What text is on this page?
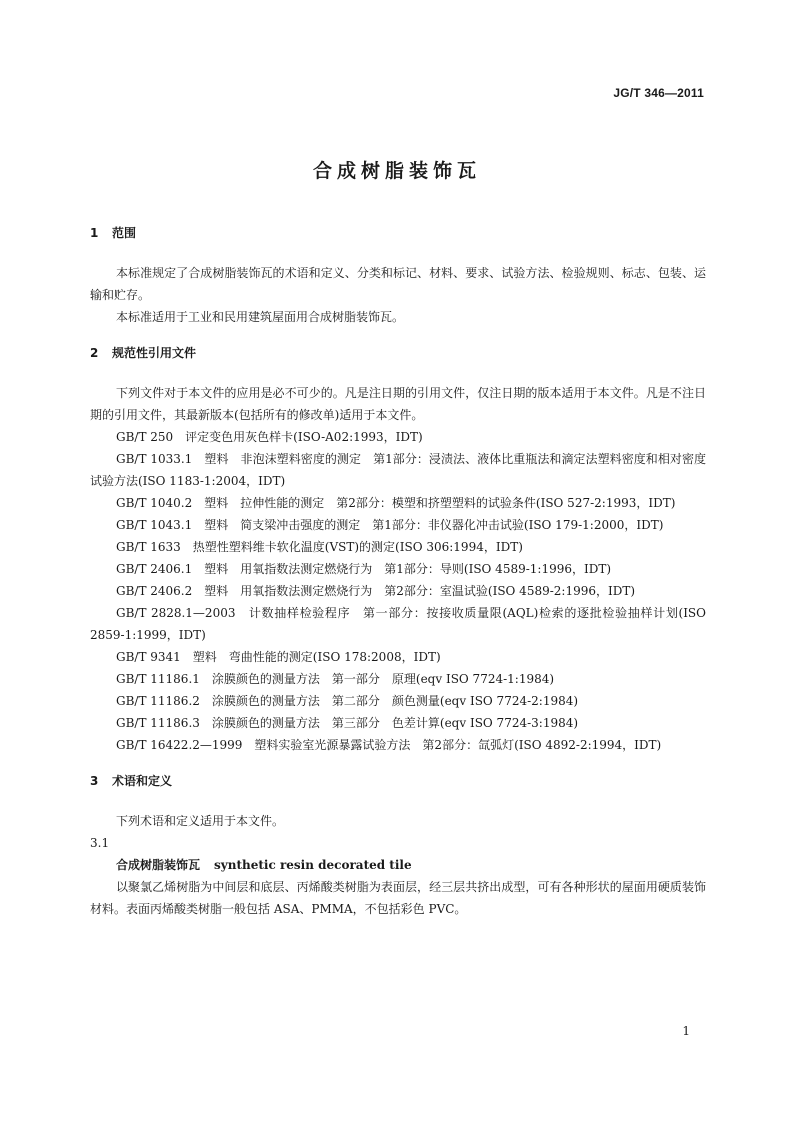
JG/T 346—2011
合成树脂装饰瓦
1 范围

本标准规定了合成树脂装饰瓦的术语和定义、分类和标记、材料、要求、试验方法、检验规则、标志、包装、运输和贮存。

本标准适用于工业和民用建筑屋面用合成树脂装饰瓦。

2 规范性引用文件

下列文件对于本文件的应用是必不可少的。凡是注日期的引用文件，仅注日期的版本适用于本文件。凡是不注日期的引用文件，其最新版本(包括所有的修改单)适用于本文件。

GB/T 250　评定变色用灰色样卡(ISO-A02:1993，IDT)

GB/T 1033.1　塑料　非泡沫塑料密度的测定　第1部分：浸渍法、液体比重瓶法和滴定法塑料密度和相对密度试验方法(ISO 1183-1:2004，IDT)

GB/T 1040.2　塑料　拉伸性能的测定　第2部分：模塑和挤塑塑料的试验条件(ISO 527-2:1993，IDT)

GB/T 1043.1　塑料　简支梁冲击强度的测定　第1部分：非仪器化冲击试验(ISO 179-1:2000，IDT)

GB/T 1633　热塑性塑料维卡软化温度(VST)的测定(ISO 306:1994，IDT)

GB/T 2406.1　塑料　用氧指数法测定燃烧行为　第1部分：导则(ISO 4589-1:1996，IDT)

GB/T 2406.2　塑料　用氧指数法测定燃烧行为　第2部分：室温试验(ISO 4589-2:1996，IDT)

GB/T 2828.1—2003　计数抽样检验程序　第一部分：按接收质量限(AQL)检索的逐批检验抽样计划(ISO 2859-1:1999，IDT)

GB/T 9341　塑料　弯曲性能的测定(ISO 178:2008，IDT)

GB/T 11186.1　涂膜颜色的测量方法　第一部分　原理(eqv ISO 7724-1:1984)

GB/T 11186.2　涂膜颜色的测量方法　第二部分　颜色测量(eqv ISO 7724-2:1984)

GB/T 11186.3　涂膜颜色的测量方法　第三部分　色差计算(eqv ISO 7724-3:1984)

GB/T 16422.2—1999　塑料实验室光源暴露试验方法　第2部分：氙弧灯(ISO 4892-2:1994，IDT)

3 术语和定义

下列术语和定义适用于本文件。

3.1

合成树脂装饰瓦 synthetic resin decorated tile

以聚氯乙烯树脂为中间层和底层、丙烯酸类树脂为表面层，经三层共挤出成型，可有各种形状的屋面用硬质装饰材料。表面丙烯酸类树脂一般包括 ASA、PMMA，不包括彩色 PVC。

1
